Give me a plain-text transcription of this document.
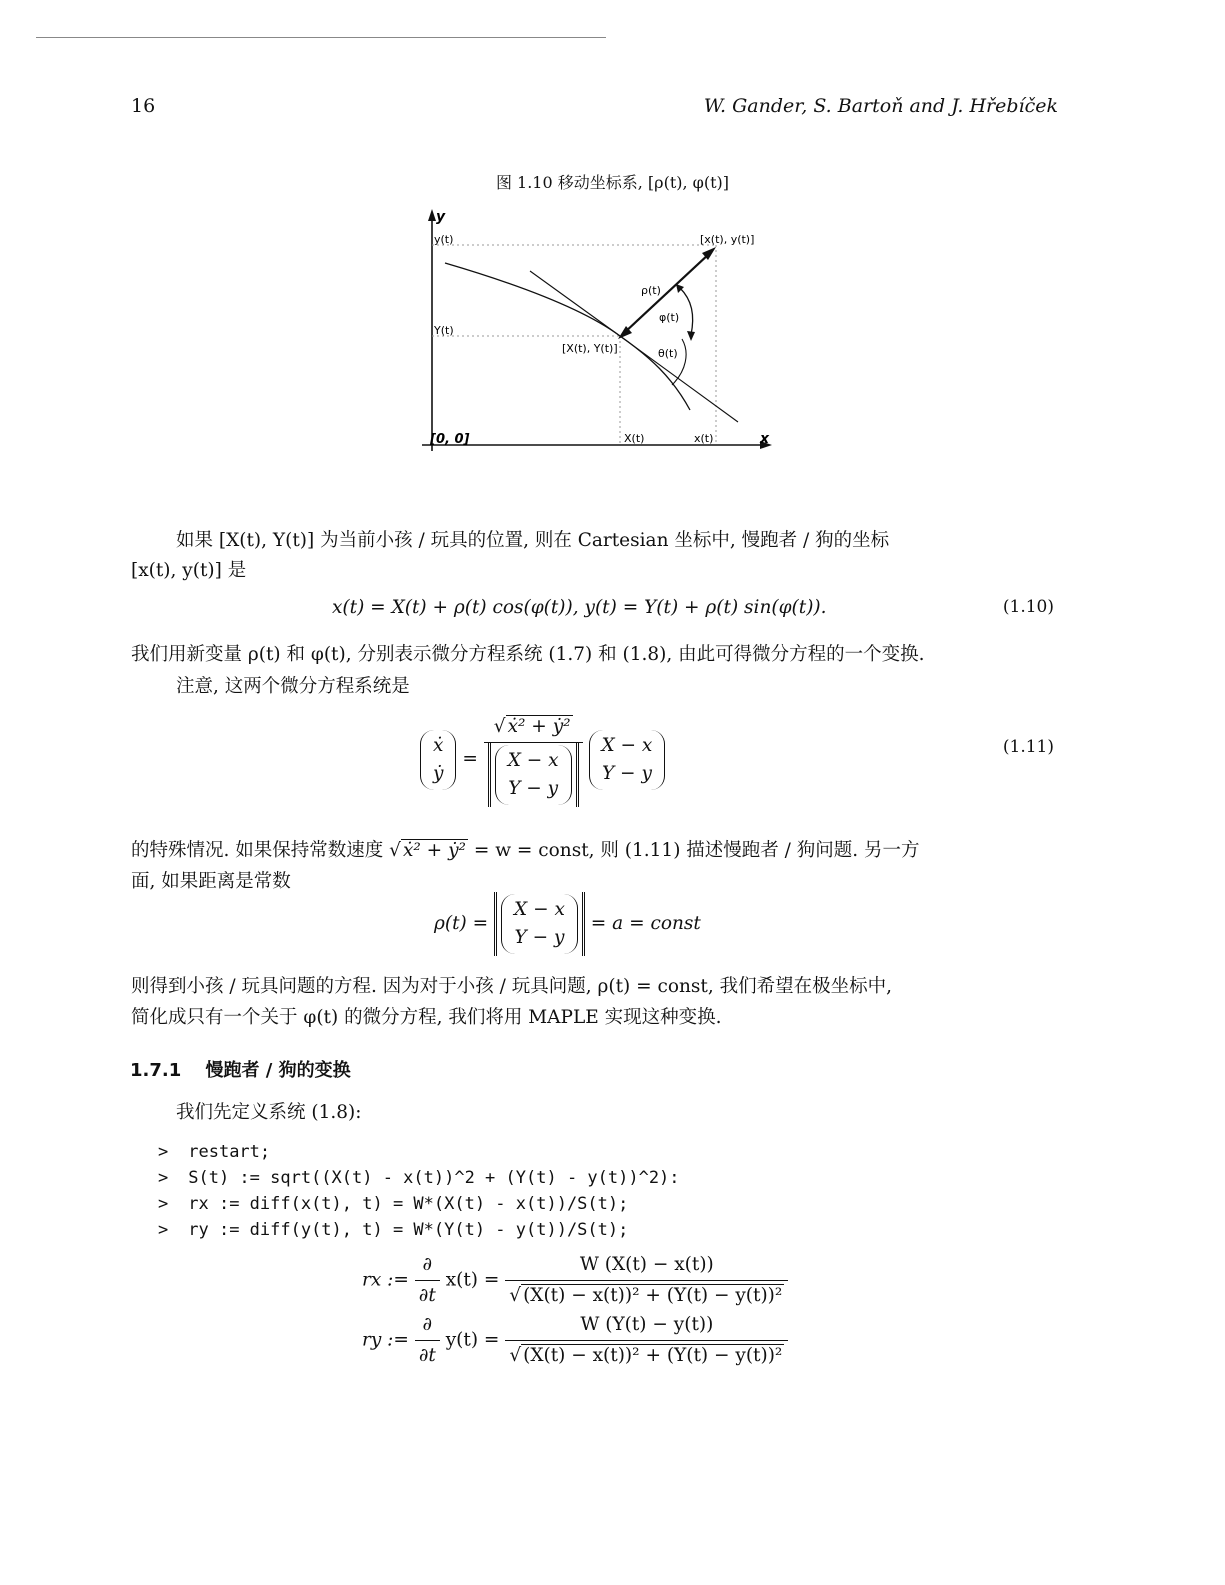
16	W. Gander, S. Bartoň and J. Hřebíček
图 1.10 移动坐标系, [ρ(t), φ(t)]
y
x
[0, 0]
y(t)
Y(t)
X(t)	x(t)
[x(t), y(t)]
[X(t), Y(t)]
ρ(t)
φ(t)
θ(t)
如果 [X(t), Y(t)] 为当前小孩 / 玩具的位置, 则在 Cartesian 坐标中, 慢跑者 / 狗的坐标
[x(t), y(t)] 是
x(t) = X(t) + ρ(t) cos(φ(t)), y(t) = Y(t) + ρ(t) sin(φ(t)).	(1.10)
我们用新变量 ρ(t) 和 φ(t), 分别表示微分方程系统 (1.7) 和 (1.8), 由此可得微分方程的一个变换.
注意, 这两个微分方程系统是
ẋ
ẏ =
√ ẋ² + ẏ²
X − x
Y − y
X − x
Y − y
(1.11)
的特殊情况. 如果保持常数速度 √ ẋ² + ẏ² = w = const, 则 (1.11) 描述慢跑者 / 狗问题. 另一方
面, 如果距离是常数
ρ(t) = X − x
Y − y = a = const
则得到小孩 / 玩具问题的方程. 因为对于小孩 / 玩具问题, ρ(t) = const, 我们希望在极坐标中,
简化成只有一个关于 φ(t) 的微分方程, 我们将用 MAPLE 实现这种变换.
1.7.1 慢跑者 / 狗的变换
我们先定义系统 (1.8):
> restart;
> S(t) := sqrt((X(t) - x(t))^2 + (Y(t) - y(t))^2):
> rx := diff(x(t), t) = W*(X(t) - x(t))/S(t);
> ry := diff(y(t), t) = W*(Y(t) - y(t))/S(t);
rx := $\frac{\partial}{\partial t} x(t) = \frac{W (X(t) - x(t))}{\text{√ (X(t) − x(t))² + (Y(t) − y(t))²}}$
ry := $\frac{\partial}{\partial t} y(t) = \frac{W (Y(t) - y(t))}{\text{√ (X(t) − x(t))² + (Y(t) − y(t))²}}$
